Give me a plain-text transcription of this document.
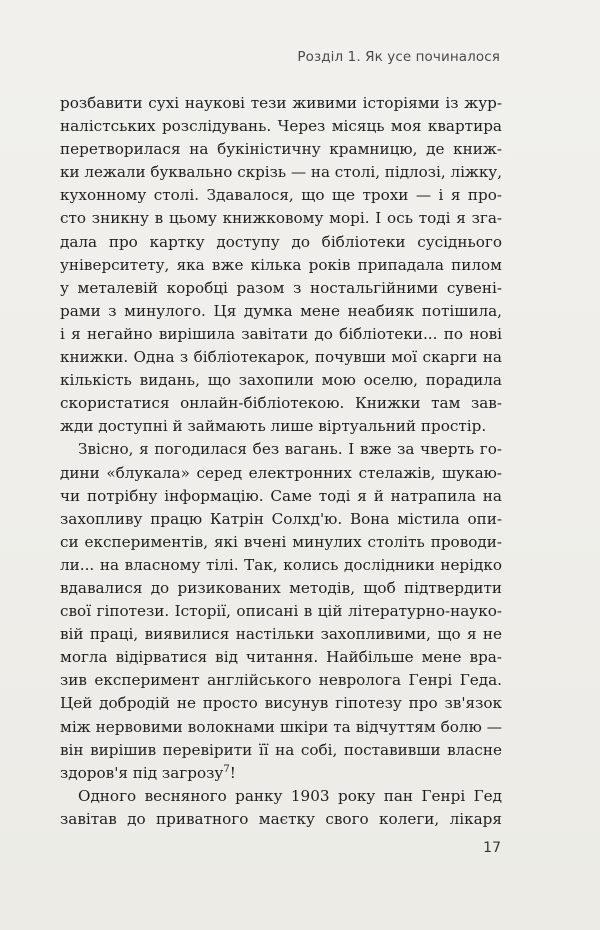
Розділ 1. Як усе починалося
розбавити сухі наукові тези живими історіями із жур-
налістських розслідувань. Через місяць моя квартира
перетворилася на букіністичну крамницю, де книж-
ки лежали буквально скрізь — на столі, підлозі, ліжку,
кухонному столі. Здавалося, що ще трохи — і я про-
сто зникну в цьому книжковому морі. І ось тоді я зга-
дала про картку доступу до бібліотеки сусіднього
університету, яка вже кілька років припадала пилом
у металевій коробці разом з ностальгійними сувені-
рами з минулого. Ця думка мене неабияк потішила,
і я негайно вирішила завітати до бібліотеки... по нові
книжки. Одна з бібліотекарок, почувши мої скарги на
кількість видань, що захопили мою оселю, порадила
скористатися онлайн-бібліотекою. Книжки там зав-
жди доступні й займають лише віртуальний простір.
Звісно, я погодилася без вагань. І вже за чверть го-
дини «блукала» серед електронних стелажів, шукаю-
чи потрібну інформацію. Саме тоді я й натрапила на
захопливу працю Катрін Солхд'ю. Вона містила опи-
си експериментів, які вчені минулих століть проводи-
ли... на власному тілі. Так, колись дослідники нерідко
вдавалися до ризикованих методів, щоб підтвердити
свої гіпотези. Історії, описані в цій літературно-науко-
вій праці, виявилися настільки захопливими, що я не
могла відірватися від читання. Найбільше мене вра-
зив експеримент англійського невролога Генрі Геда.
Цей добродій не просто висунув гіпотезу про зв'язок
між нервовими волокнами шкіри та відчуттям болю —
він вирішив перевірити її на собі, поставивши власне
здоров'я під загрозу$^7$!
Одного весняного ранку 1903 року пан Генрі Гед
завітав до приватного маєтку свого колеги, лікаря
17
